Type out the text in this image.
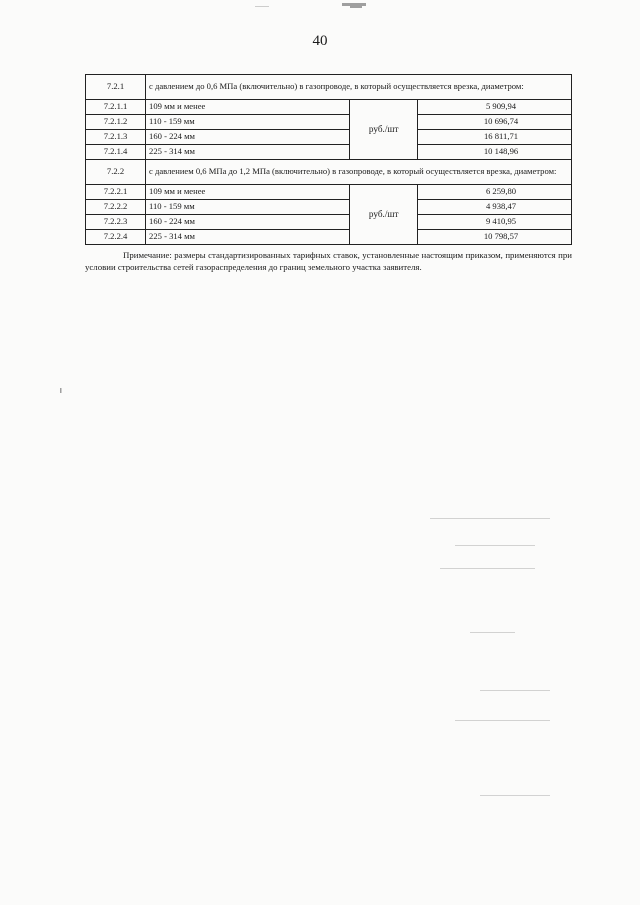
40
7.2.1	с давлением до 0,6 МПа (включительно) в газопроводе, в который осуществляется врезка, диаметром:		
7.2.1.1	109 мм и менее	руб./шт	5 909,94
7.2.1.2	110 - 159 мм		10 696,74
7.2.1.3	160 - 224 мм		16 811,71
7.2.1.4	225 - 314 мм		10 148,96
7.2.2	с давлением 0,6 МПа до 1,2 МПа (включительно) в газопроводе, в который осуществляется врезка, диаметром:		
7.2.2.1	109 мм и менее	руб./шт	6 259,80
7.2.2.2	110 - 159 мм		4 938,47
7.2.2.3	160 - 224 мм		9 410,95
7.2.2.4	225 - 314 мм		10 798,57

Примечание: размеры стандартизированных тарифных ставок, установленные настоящим приказом, применяются при условии строительства сетей газораспределения до границ земельного участка заявителя.
